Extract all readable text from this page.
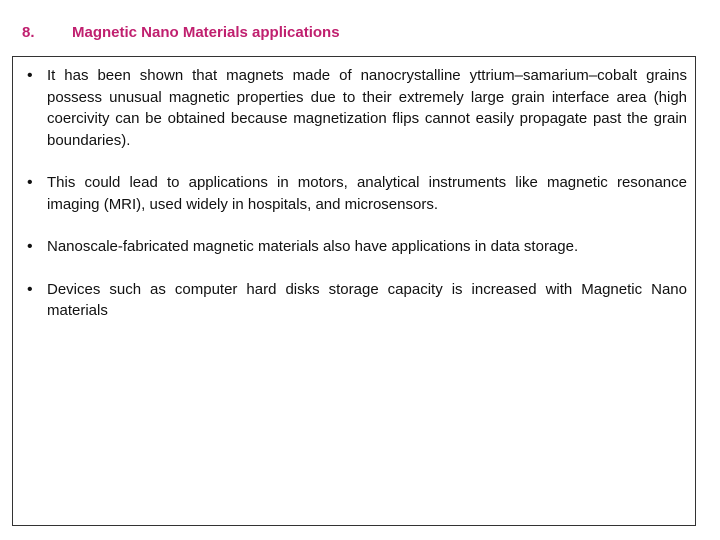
8. Magnetic Nano Materials applications
• It has been shown that magnets made of nanocrystalline yttrium–samarium–cobalt grains possess unusual magnetic properties due to their extremely large grain interface area (high coercivity can be obtained because magnetization flips cannot easily propagate past the grain boundaries).
• This could lead to applications in motors, analytical instruments like magnetic resonance imaging (MRI), used widely in hospitals, and microsensors.
• Nanoscale-fabricated magnetic materials also have applications in data storage.
• Devices such as computer hard disks storage capacity is increased with Magnetic Nano materials
